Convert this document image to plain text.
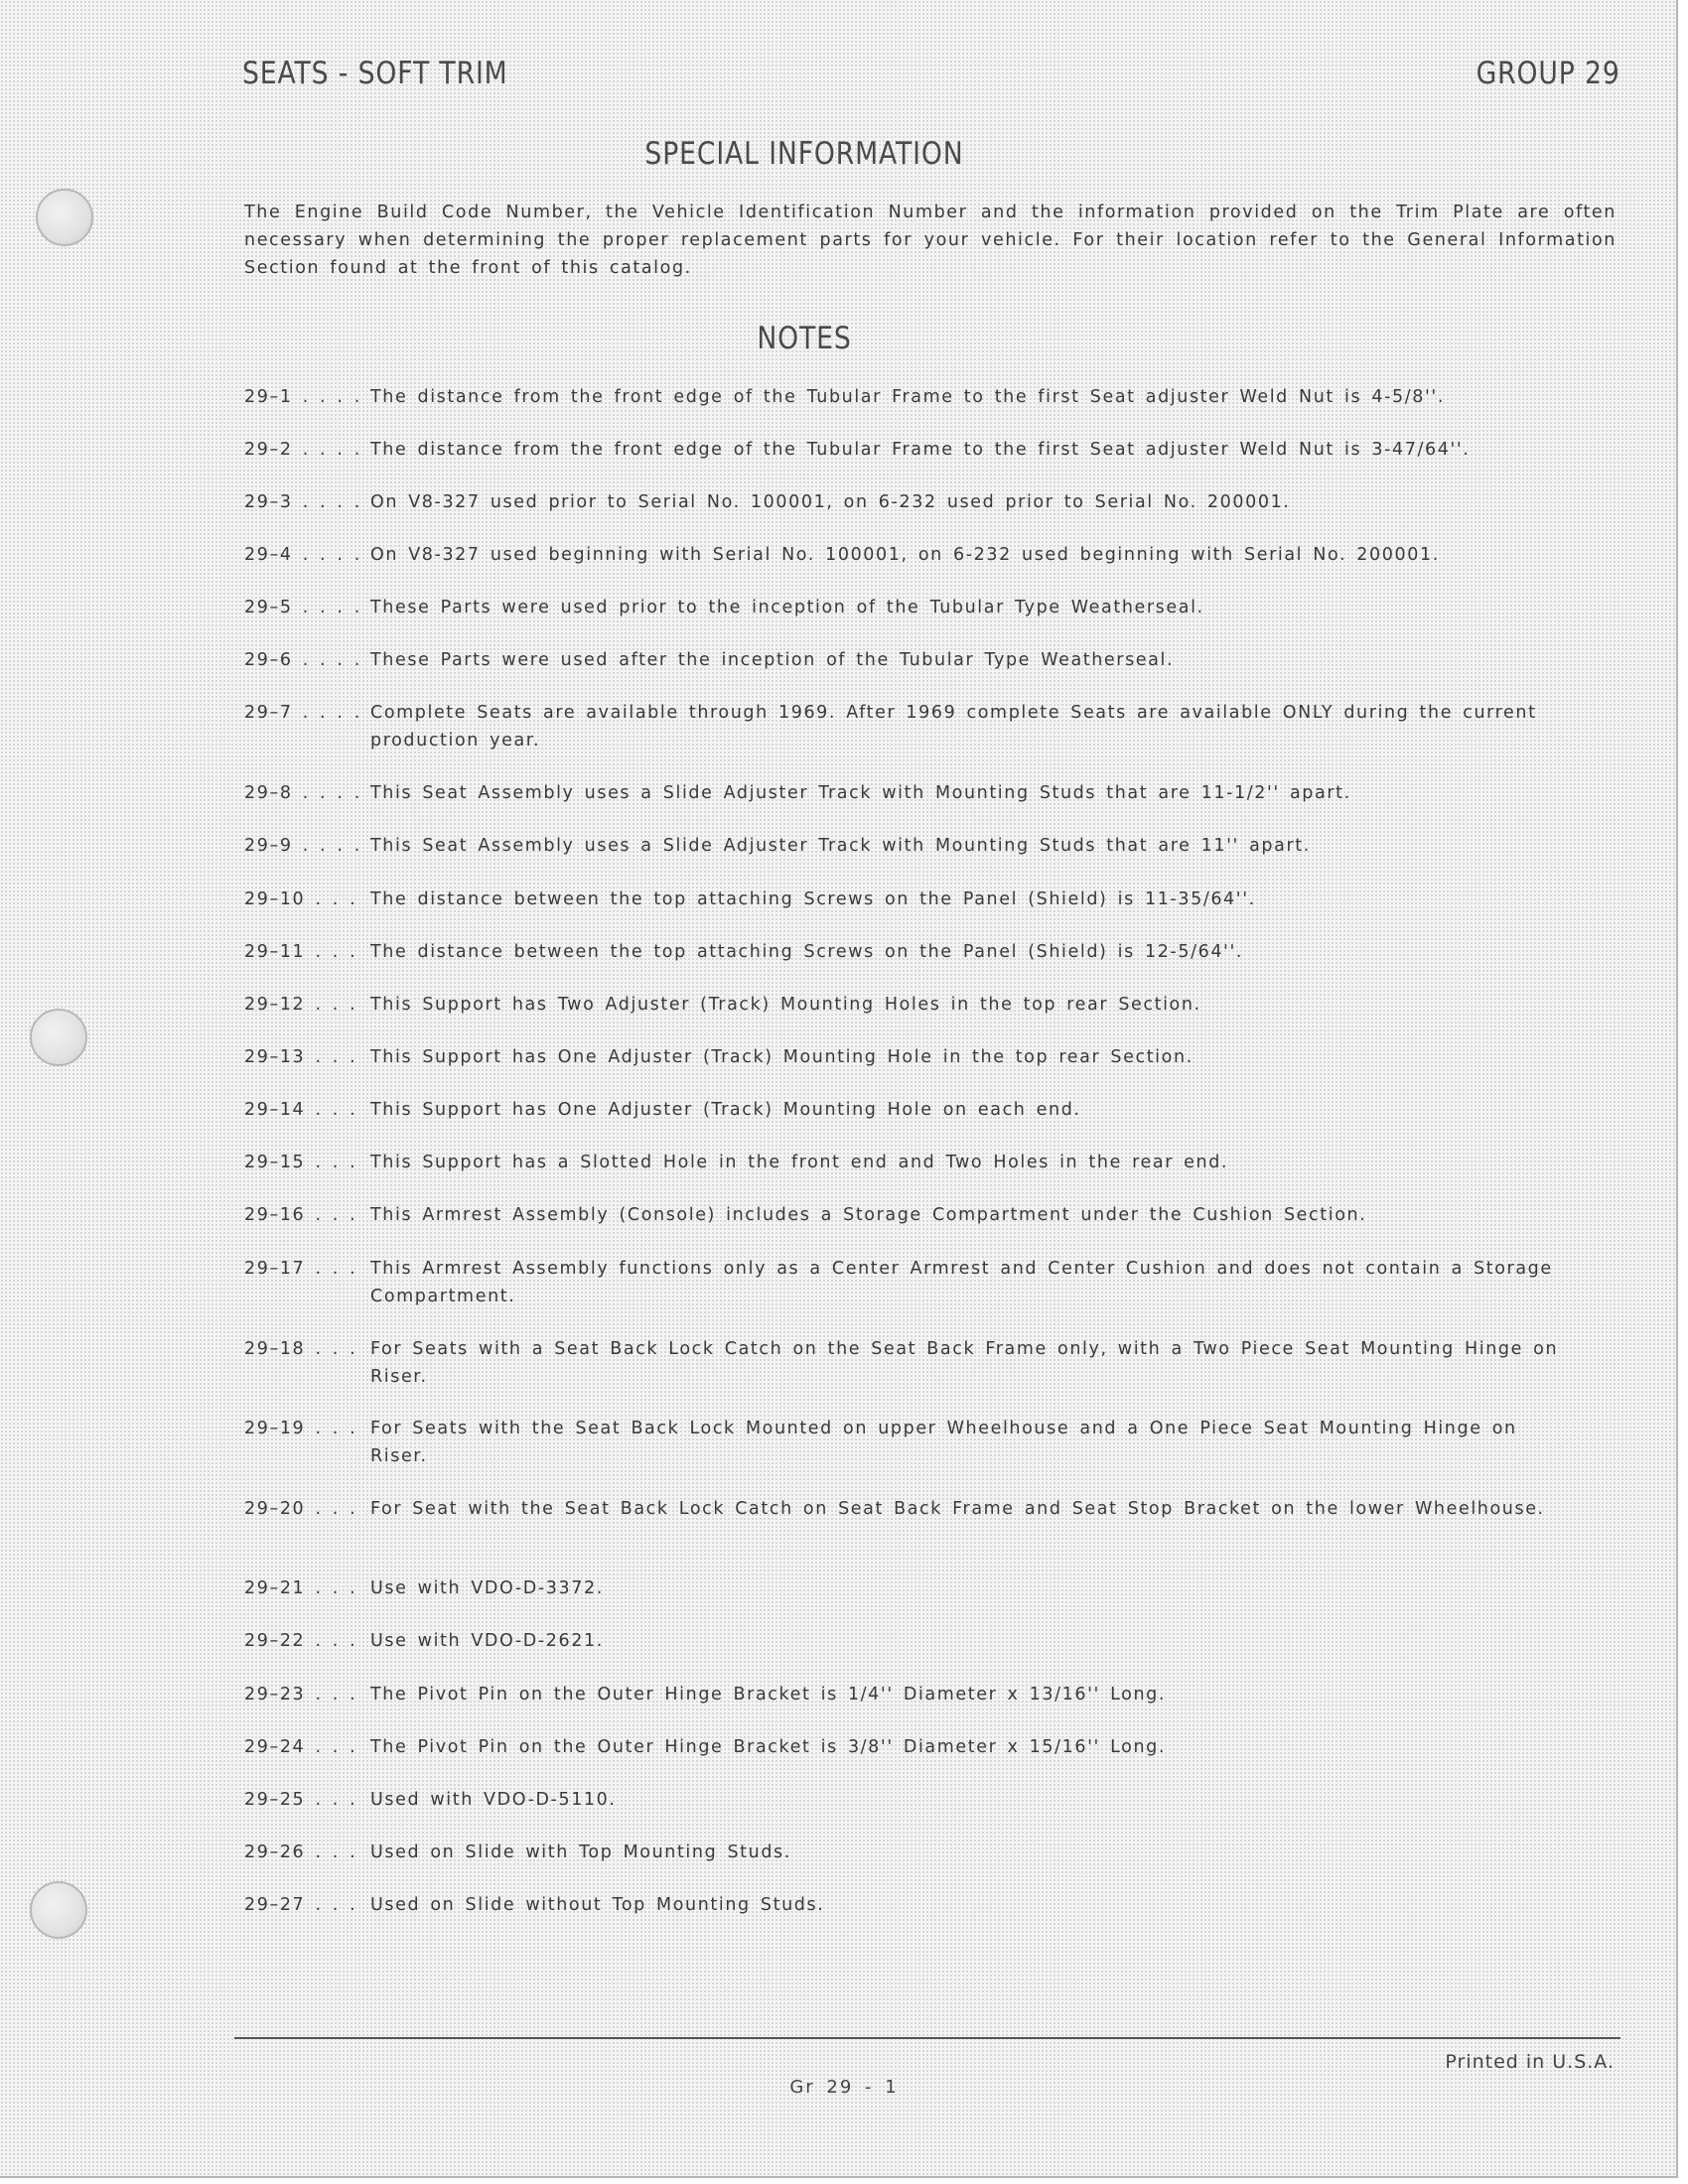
SEATS - SOFT TRIM	GROUP 29
SPECIAL INFORMATION
The Engine Build Code Number, the Vehicle Identification Number and the information provided on the Trim Plate are often necessary when determining the proper replacement parts for your vehicle. For their location refer to the General Information Section found at the front of this catalog.
NOTES
29–1 . . . . The distance from the front edge of the Tubular Frame to the first Seat adjuster Weld Nut is 4-5/8''.
29–2 . . . . The distance from the front edge of the Tubular Frame to the first Seat adjuster Weld Nut is 3-47/64''.
29–3 . . . . On V8-327 used prior to Serial No. 100001, on 6-232 used prior to Serial No. 200001.
29–4 . . . . On V8-327 used beginning with Serial No. 100001, on 6-232 used beginning with Serial No. 200001.
29–5 . . . . These Parts were used prior to the inception of the Tubular Type Weatherseal.
29–6 . . . . These Parts were used after the inception of the Tubular Type Weatherseal.
29–7 . . . . Complete Seats are available through 1969. After 1969 complete Seats are available ONLY during the current production year.
29–8 . . . . This Seat Assembly uses a Slide Adjuster Track with Mounting Studs that are 11-1/2'' apart.
29–9 . . . . This Seat Assembly uses a Slide Adjuster Track with Mounting Studs that are 11'' apart.
29–10 . . . The distance between the top attaching Screws on the Panel (Shield) is 11-35/64''.
29–11 . . . The distance between the top attaching Screws on the Panel (Shield) is 12-5/64''.
29–12 . . . This Support has Two Adjuster (Track) Mounting Holes in the top rear Section.
29–13 . . . This Support has One Adjuster (Track) Mounting Hole in the top rear Section.
29–14 . . . This Support has One Adjuster (Track) Mounting Hole on each end.
29–15 . . . This Support has a Slotted Hole in the front end and Two Holes in the rear end.
29–16 . . . This Armrest Assembly (Console) includes a Storage Compartment under the Cushion Section.
29–17 . . . This Armrest Assembly functions only as a Center Armrest and Center Cushion and does not contain a Storage Compartment.
29–18 . . . For Seats with a Seat Back Lock Catch on the Seat Back Frame only, with a Two Piece Seat Mounting Hinge on Riser.
29–19 . . . For Seats with the Seat Back Lock Mounted on upper Wheelhouse and a One Piece Seat Mounting Hinge on Riser.
29–20 . . . For Seat with the Seat Back Lock Catch on Seat Back Frame and Seat Stop Bracket on the lower Wheelhouse.
29–21 . . . Use with VDO-D-3372.
29–22 . . . Use with VDO-D-2621.
29–23 . . . The Pivot Pin on the Outer Hinge Bracket is 1/4'' Diameter x 13/16'' Long.
29–24 . . . The Pivot Pin on the Outer Hinge Bracket is 3/8'' Diameter x 15/16'' Long.
29–25 . . . Used with VDO-D-5110.
29–26 . . . Used on Slide with Top Mounting Studs.
29–27 . . . Used on Slide without Top Mounting Studs.
Printed in U.S.A.
Gr 29 - 1
